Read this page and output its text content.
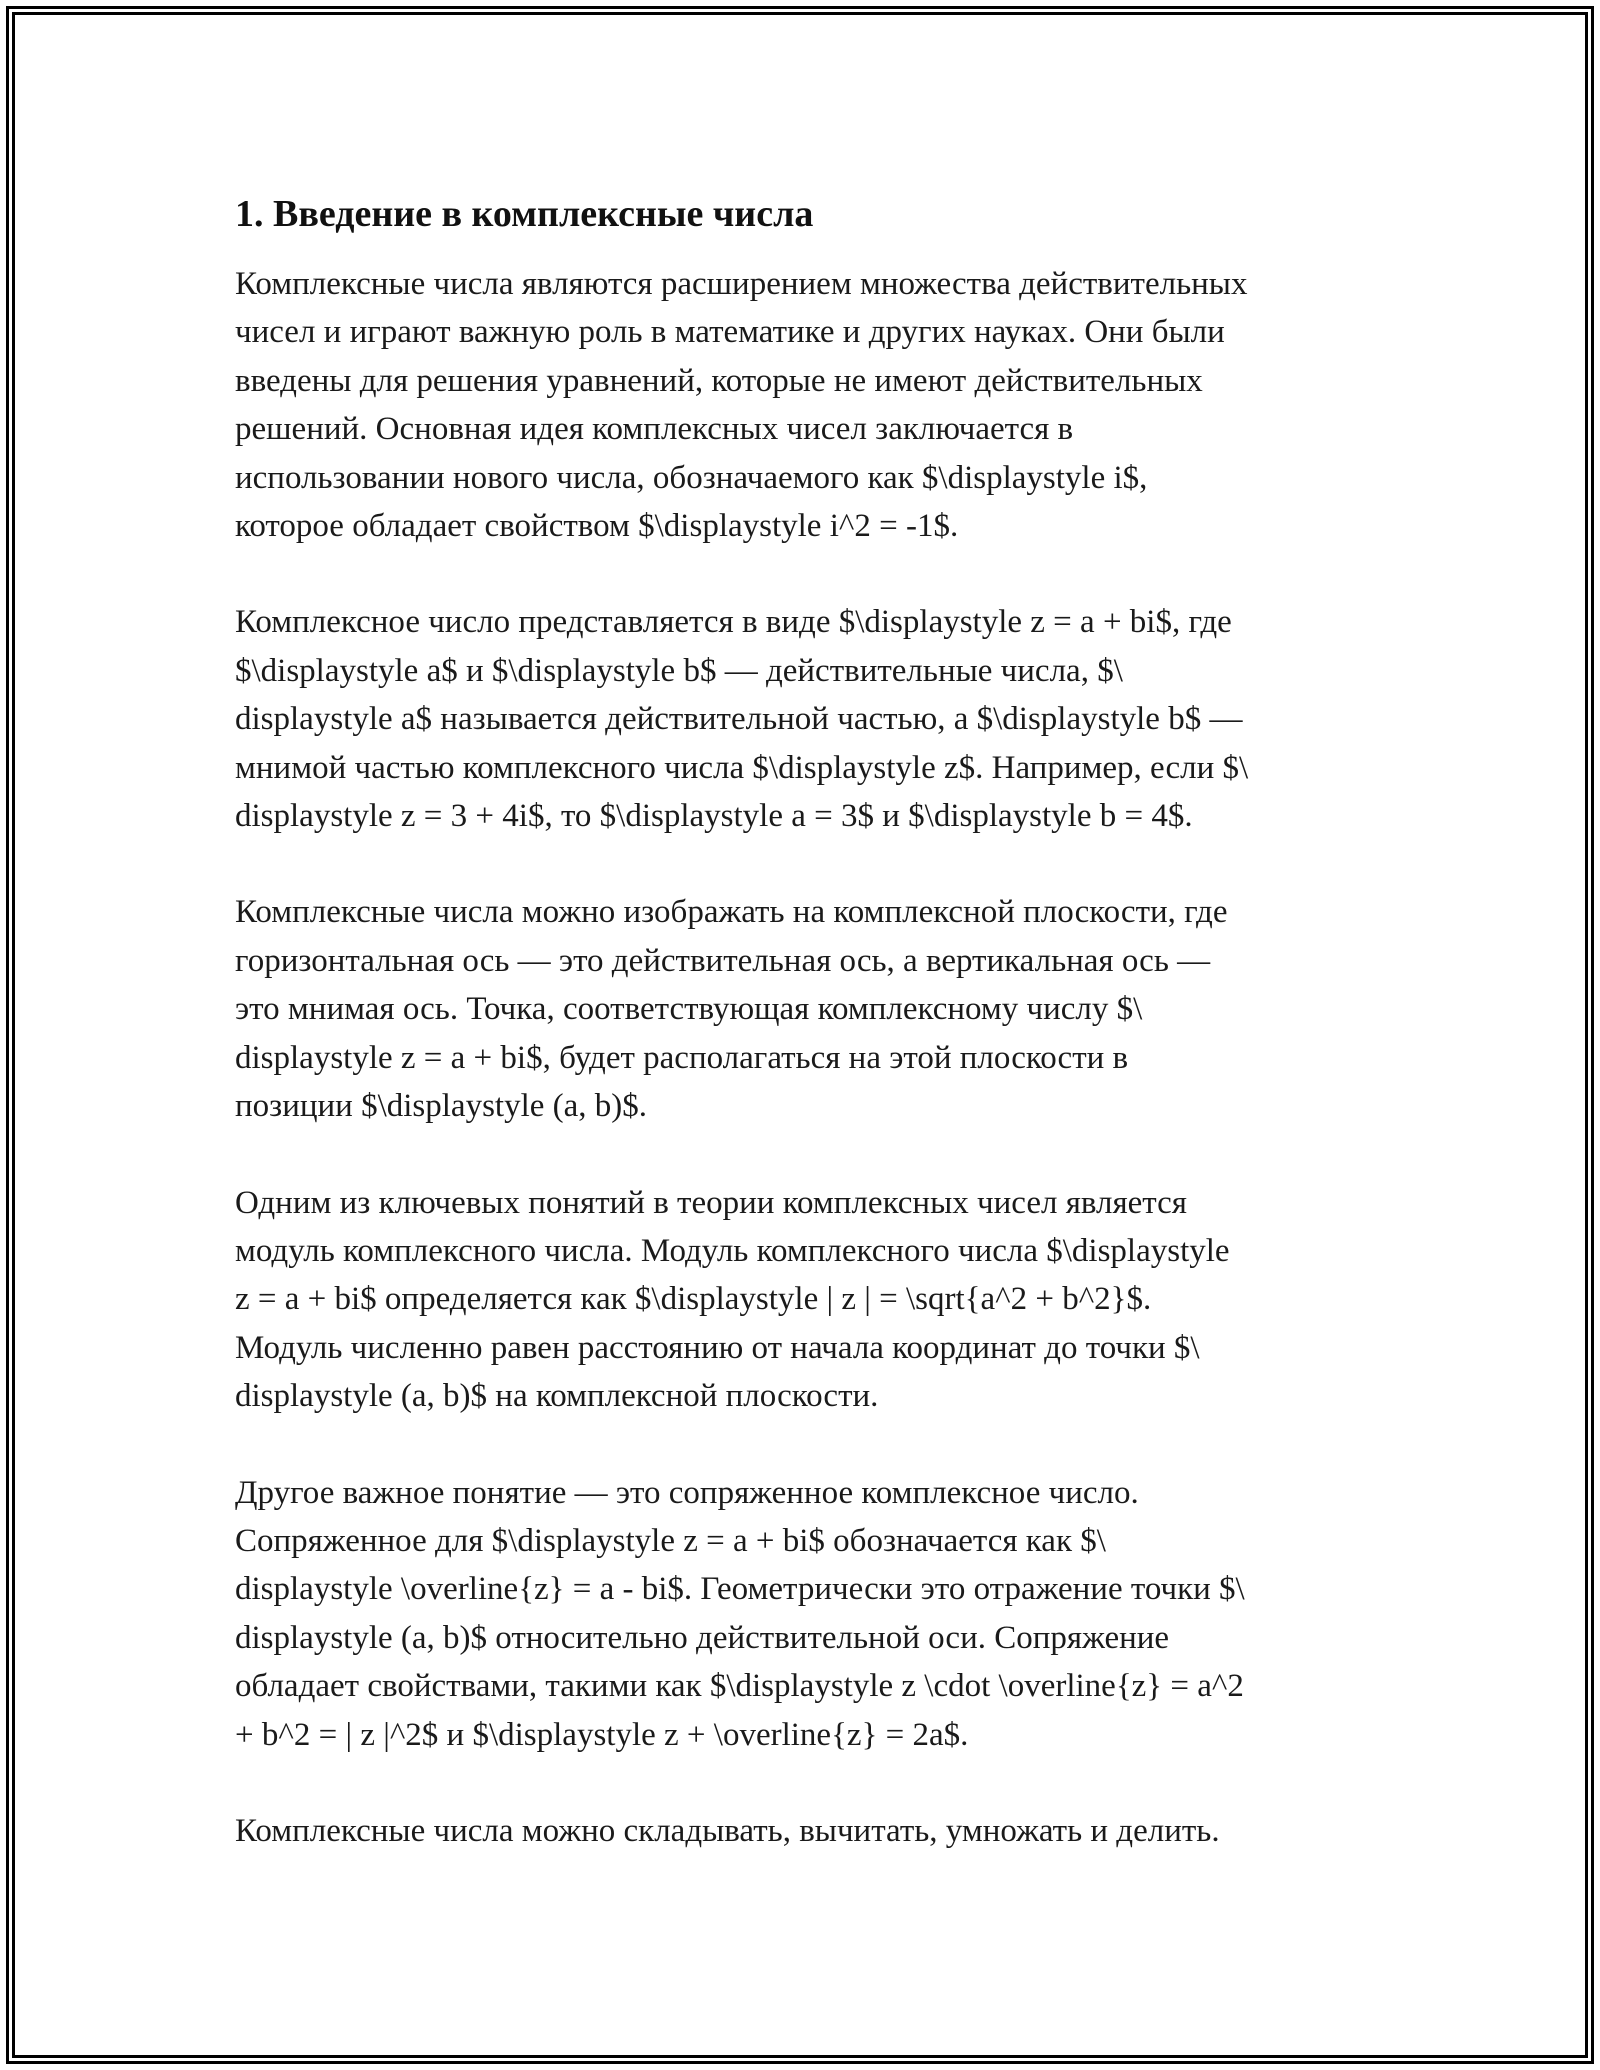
1. Введение в комплексные числа
Комплексные числа являются расширением множества действительных
чисел и играют важную роль в математике и других науках. Они были
введены для решения уравнений, которые не имеют действительных
решений. Основная идея комплексных чисел заключается в
использовании нового числа, обозначаемого как $\displaystyle i$,
которое обладает свойством $\displaystyle i^2 = -1$.
Комплексное число представляется в виде $\displaystyle z = a + bi$, где
$\displaystyle a$ и $\displaystyle b$ — действительные числа, $\
displaystyle a$ называется действительной частью, а $\displaystyle b$ —
мнимой частью комплексного числа $\displaystyle z$. Например, если $\
displaystyle z = 3 + 4i$, то $\displaystyle a = 3$ и $\displaystyle b = 4$.
Комплексные числа можно изображать на комплексной плоскости, где
горизонтальная ось — это действительная ось, а вертикальная ось —
это мнимая ось. Точка, соответствующая комплексному числу $\
displaystyle z = a + bi$, будет располагаться на этой плоскости в
позиции $\displaystyle (a, b)$.
Одним из ключевых понятий в теории комплексных чисел является
модуль комплексного числа. Модуль комплексного числа $\displaystyle
z = a + bi$ определяется как $\displaystyle | z | = \sqrt{a^2 + b^2}$.
Модуль численно равен расстоянию от начала координат до точки $\
displaystyle (a, b)$ на комплексной плоскости.
Другое важное понятие — это сопряженное комплексное число.
Сопряженное для $\displaystyle z = a + bi$ обозначается как $\
displaystyle \overline{z} = a - bi$. Геометрически это отражение точки $\
displaystyle (a, b)$ относительно действительной оси. Сопряжение
обладает свойствами, такими как $\displaystyle z \cdot \overline{z} = a^2
+ b^2 = | z |^2$ и $\displaystyle z + \overline{z} = 2a$.
Комплексные числа можно складывать, вычитать, умножать и делить.
